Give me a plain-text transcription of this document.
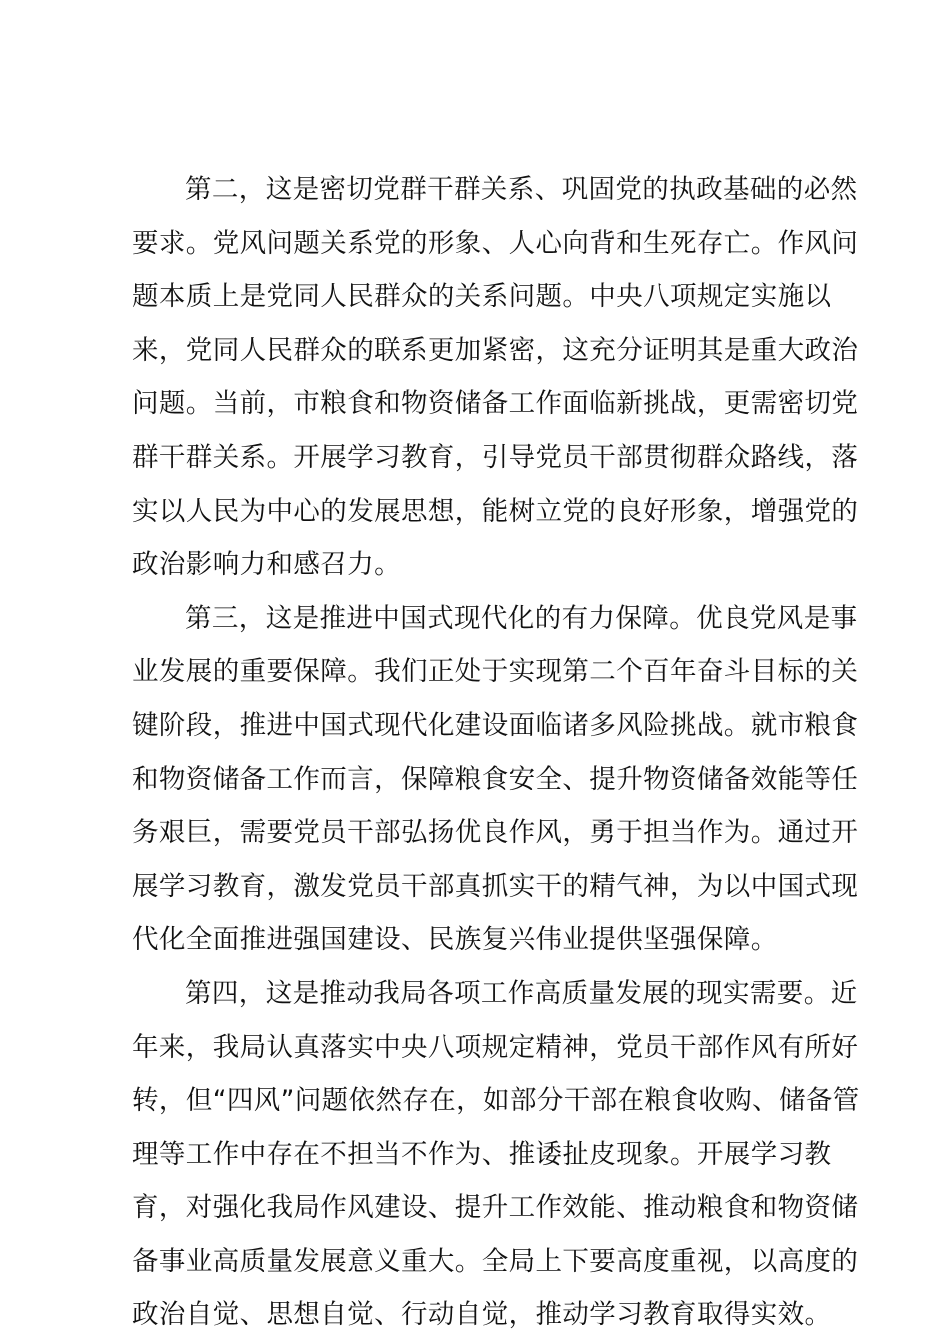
第二，这是密切党群干群关系、巩固党的执政基础的必然
要求。党风问题关系党的形象、人心向背和生死存亡。作风问
题本质上是党同人民群众的关系问题。中央八项规定实施以
来，党同人民群众的联系更加紧密，这充分证明其是重大政治
问题。当前，市粮食和物资储备工作面临新挑战，更需密切党
群干群关系。开展学习教育，引导党员干部贯彻群众路线，落
实以人民为中心的发展思想，能树立党的良好形象，增强党的
政治影响力和感召力。
第三，这是推进中国式现代化的有力保障。优良党风是事
业发展的重要保障。我们正处于实现第二个百年奋斗目标的关
键阶段，推进中国式现代化建设面临诸多风险挑战。就市粮食
和物资储备工作而言，保障粮食安全、提升物资储备效能等任
务艰巨，需要党员干部弘扬优良作风，勇于担当作为。通过开
展学习教育，激发党员干部真抓实干的精气神，为以中国式现
代化全面推进强国建设、民族复兴伟业提供坚强保障。
第四，这是推动我局各项工作高质量发展的现实需要。近
年来，我局认真落实中央八项规定精神，党员干部作风有所好
转，但“四风”问题依然存在，如部分干部在粮食收购、储备管
理等工作中存在不担当不作为、推诿扯皮现象。开展学习教
育，对强化我局作风建设、提升工作效能、推动粮食和物资储
备事业高质量发展意义重大。全局上下要高度重视，以高度的
政治自觉、思想自觉、行动自觉，推动学习教育取得实效。
